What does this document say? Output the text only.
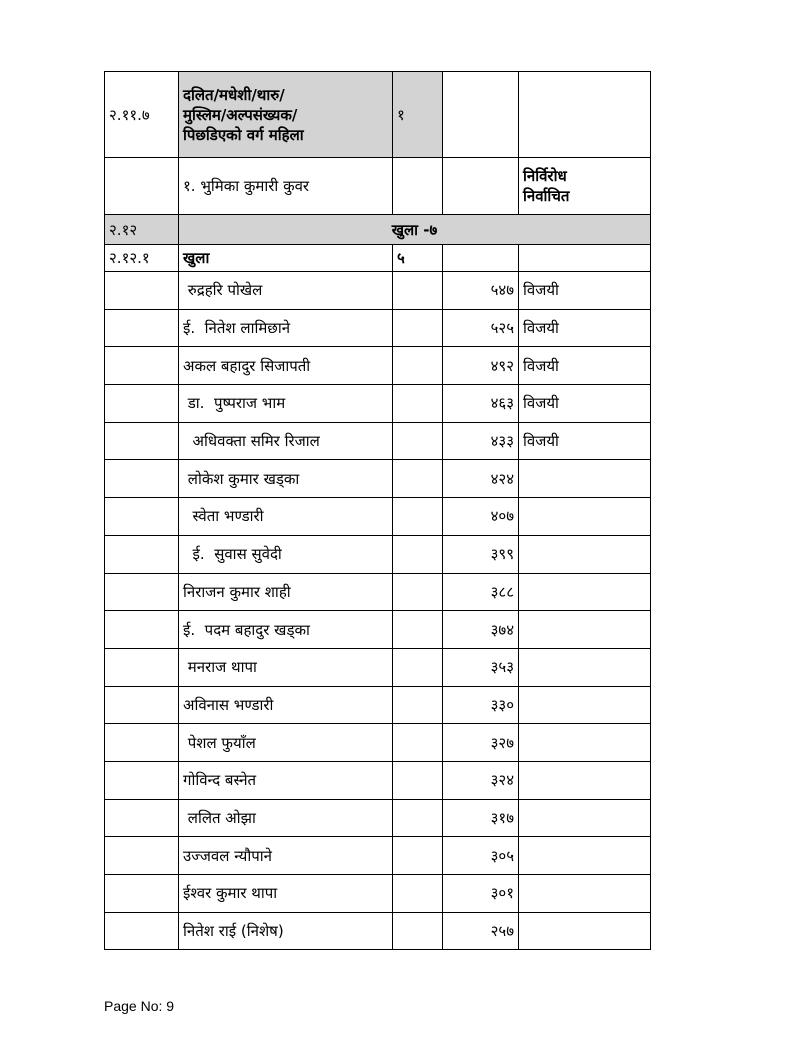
२.११.७	दलित/मधेशी/थारु/
मुस्लिम/अल्पसंख्यक/
पिछडिएको वर्ग महिला	१		
	१. भुमिका कुमारी कुवर			निर्विरोध
निर्वाचित

२.१२	खुला -७			
२.१२.१	खुला	५		
	रुद्रहरि पोखेल		५४७	विजयी
	ई.  नितेश लामिछाने		५२५	विजयी
	अकल बहादुर सिजापती		४९२	विजयी
	डा.  पुष्पराज भाम		४६३	विजयी
	अधिवक्ता समिर रिजाल		४३३	विजयी
	लोकेश कुमार खड्का		४२४	
	स्वेता भण्डारी		४०७	
	ई.  सुवास सुवेदी		३९९	
	निराजन कुमार शाही		३८८	
	ई.  पदम बहादुर खड्का		३७४	
	मनराज थापा		३५३	
	अविनास भण्डारी		३३०	
	पेशल फुयाँल		३२७	
	गोविन्द बस्नेत		३२४	
	ललित ओझा		३१७	
	उज्जवल न्यौपाने		३०५	
	ईश्वर कुमार थापा		३०१	
	नितेश राई (निशेष)		२५७	
Page No: 9
